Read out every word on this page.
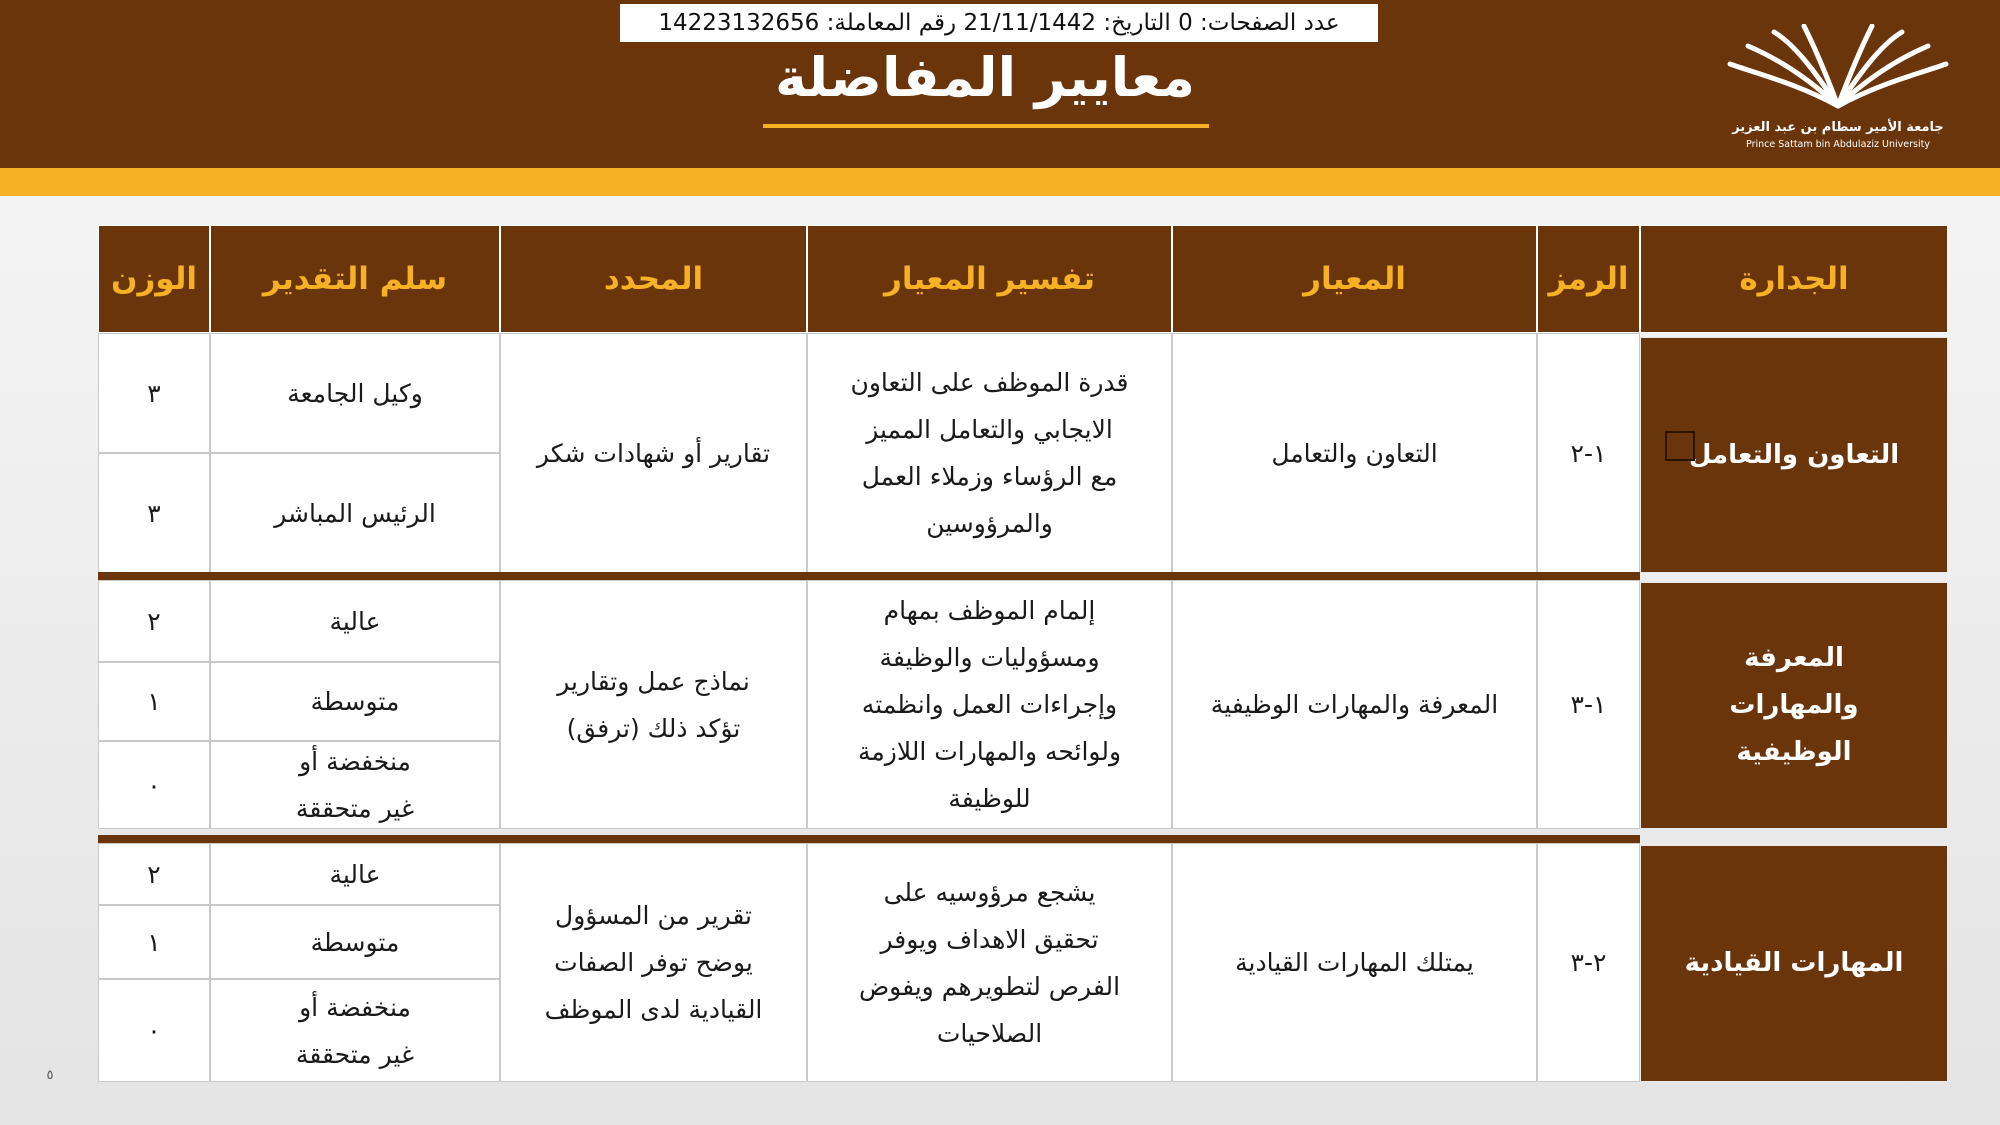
عدد الصفحات: 0 التاريخ: 21/11/1442 رقم المعاملة: 14223132656
معايير المفاضلة
جامعة الأمير سطام بن عبد العزيز
Prince Sattam bin Abdulaziz University
الجدارة
الرمز
المعيار
تفسير المعيار
المحدد
سلم التقدير
الوزن
التعاون والتعامل
١-٢
التعاون والتعامل
قدرة الموظف على التعاون الايجابي والتعامل المميز مع الرؤساء وزملاء العمل والمرؤوسين
تقارير أو شهادات شكر
وكيل الجامعة
٣
الرئيس المباشر
٣
المعرفة والمهارات الوظيفية
١-٣
المعرفة والمهارات الوظيفية
إلمام الموظف بمهام ومسؤوليات والوظيفة وإجراءات العمل وانظمته ولوائحه والمهارات اللازمة للوظيفة
نماذج عمل وتقارير تؤكد ذلك (ترفق)
عالية
٢
متوسطة
١
منخفضة أو غير متحققة
٠
المهارات القيادية
٢-٣
يمتلك المهارات القيادية
يشجع مرؤوسيه على تحقيق الاهداف ويوفر الفرص لتطويرهم ويفوض الصلاحيات
تقرير من المسؤول يوضح توفر الصفات القيادية لدى الموظف
عالية
٢
متوسطة
١
منخفضة أو غير متحققة
٠
٥
